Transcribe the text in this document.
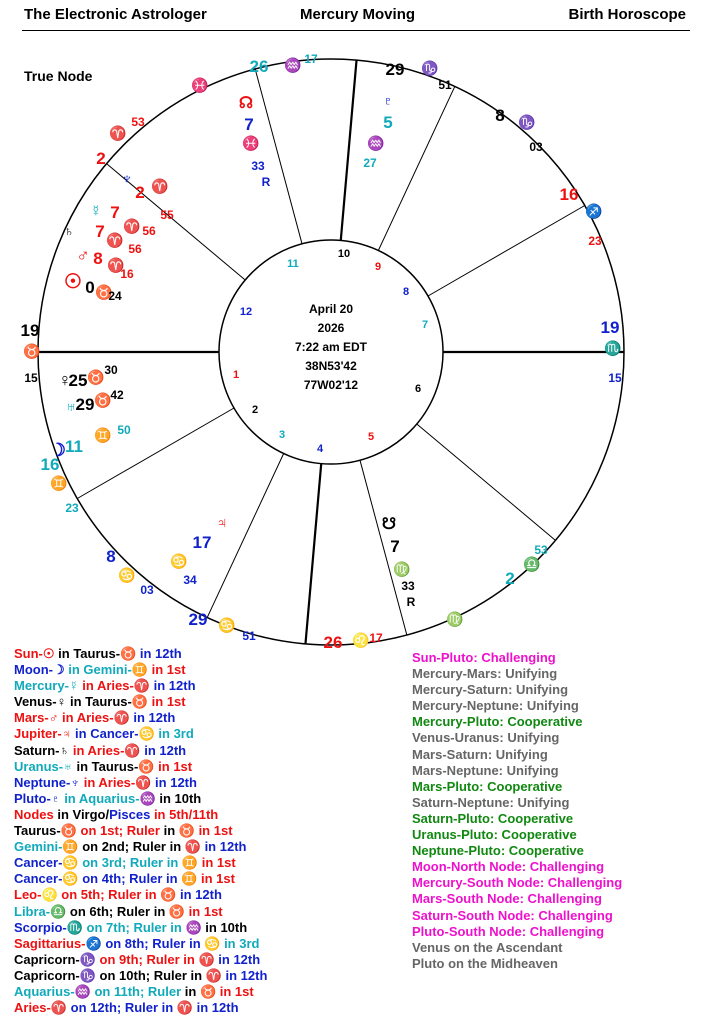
The Electronic Astrologer	Mercury Moving	Birth Horoscope
True Node
April 20
2026
7:22 am EDT
38N53'42
77W02'12
1
2
3
4
5
6
7
8
9
10
11
12
26 ♒ 17
29 ♑
51
8 ♑
03
16
♐
23
19
♏
15
53
2
♎
26 ♌ 17
29 ♋
51
8
♋
03
16
♊
23
19
♉
15
2
♈
53
♓
☊
7
♓
33
R
♇
5
♒
27
♆
2 ♈
55
☿ 7
♈ 56
♄ 7 ♈
56
♂ 8 ♈
16
☉ 0 ♉
24
♀
25 ♉ 30
♅
29 ♉
42
☽
11
♊ 50
♃
17
♋
34
☋
7
♍
33
R
♍
Sun-☉ in Taurus-♉ in 12th
Moon-☽ in Gemini-♊ in 1st
Mercury-☿ in Aries-♈ in 12th
Venus-♀ in Taurus-♉ in 1st
Mars-♂ in Aries-♈ in 12th
Jupiter-♃ in Cancer-♋ in 3rd
Saturn-♄ in Aries-♈ in 12th
Uranus-♅ in Taurus-♉ in 1st
Neptune-♆ in Aries-♈ in 12th
Pluto-♇ in Aquarius-♒ in 10th
Nodes in Virgo/Pisces in 5th/11th
Taurus-♉ on 1st; Ruler in ♉ in 1st
Gemini-♊ on 2nd; Ruler in ♈ in 12th
Cancer-♋ on 3rd; Ruler in ♊ in 1st
Cancer-♋ on 4th; Ruler in ♊ in 1st
Leo-♌ on 5th; Ruler in ♉ in 12th
Libra-♎ on 6th; Ruler in ♉ in 1st
Scorpio-♏ on 7th; Ruler in ♒ in 10th
Sagittarius-♐ on 8th; Ruler in ♋ in 3rd
Capricorn-♑ on 9th; Ruler in ♈ in 12th
Capricorn-♑ on 10th; Ruler in ♈ in 12th
Aquarius-♒ on 11th; Ruler in ♉ in 1st
Aries-♈ on 12th; Ruler in ♈ in 12th
Sun-Pluto: Challenging
Mercury-Mars: Unifying
Mercury-Saturn: Unifying
Mercury-Neptune: Unifying
Mercury-Pluto: Cooperative
Venus-Uranus: Unifying
Mars-Saturn: Unifying
Mars-Neptune: Unifying
Mars-Pluto: Cooperative
Saturn-Neptune: Unifying
Saturn-Pluto: Cooperative
Uranus-Pluto: Cooperative
Neptune-Pluto: Cooperative
Moon-North Node: Challenging
Mercury-South Node: Challenging
Mars-South Node: Challenging
Saturn-South Node: Challenging
Pluto-South Node: Challenging
Venus on the Ascendant
Pluto on the Midheaven
